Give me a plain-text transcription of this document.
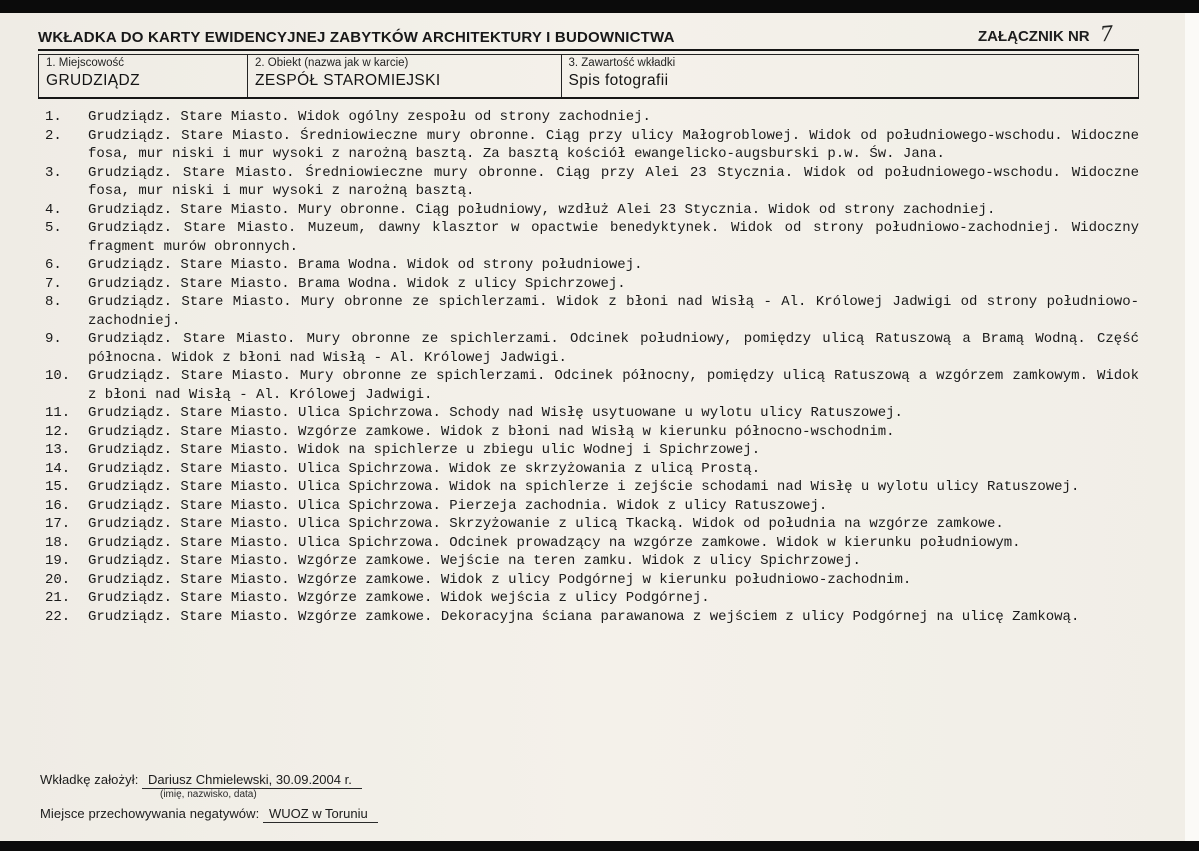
WKŁADKA DO KARTY EWIDENCYJNEJ ZABYTKÓW ARCHITEKTURY I BUDOWNICTWA	ZAŁĄCZNIK NR 7
1. Miejscowość
GRUDZIĄDZ

2. Obiekt (nazwa jak w karcie)
ZESPÓŁ STAROMIEJSKI

3. Zawartość wkładki
Spis fotografii
1.	Grudziądz. Stare Miasto. Widok ogólny zespołu od strony zachodniej.
2.	Grudziądz. Stare Miasto. Średniowieczne mury obronne. Ciąg przy ulicy Małogroblowej. Widok od południowego-wschodu. Widoczne fosa, mur niski i mur wysoki z narożną basztą. Za basztą kościół ewangelicko-augsburski p.w. Św. Jana.
3.	Grudziądz. Stare Miasto. Średniowieczne mury obronne. Ciąg przy Alei 23 Stycznia. Widok od południowego-wschodu. Widoczne fosa, mur niski i mur wysoki z narożną basztą.
4.	Grudziądz. Stare Miasto. Mury obronne. Ciąg południowy, wzdłuż Alei 23 Stycznia. Widok od strony zachodniej.
5.	Grudziądz. Stare Miasto. Muzeum, dawny klasztor w opactwie benedyktynek. Widok od strony południowo-zachodniej. Widoczny fragment murów obronnych.
6.	Grudziądz. Stare Miasto. Brama Wodna. Widok od strony południowej.
7.	Grudziądz. Stare Miasto. Brama Wodna. Widok z ulicy Spichrzowej.
8.	Grudziądz. Stare Miasto. Mury obronne ze spichlerzami. Widok z błoni nad Wisłą - Al. Królowej Jadwigi od strony południowo-zachodniej.
9.	Grudziądz. Stare Miasto. Mury obronne ze spichlerzami. Odcinek południowy, pomiędzy ulicą Ratuszową a Bramą Wodną. Część północna. Widok z błoni nad Wisłą - Al. Królowej Jadwigi.
10.	Grudziądz. Stare Miasto. Mury obronne ze spichlerzami. Odcinek północny, pomiędzy ulicą Ratuszową a wzgórzem zamkowym. Widok z błoni nad Wisłą - Al. Królowej Jadwigi.
11.	Grudziądz. Stare Miasto. Ulica Spichrzowa. Schody nad Wisłę usytuowane u wylotu ulicy Ratuszowej.
12.	Grudziądz. Stare Miasto. Wzgórze zamkowe. Widok z błoni nad Wisłą w kierunku północno-wschodnim.
13.	Grudziądz. Stare Miasto. Widok na spichlerze u zbiegu ulic Wodnej i Spichrzowej.
14.	Grudziądz. Stare Miasto. Ulica Spichrzowa. Widok ze skrzyżowania z ulicą Prostą.
15.	Grudziądz. Stare Miasto. Ulica Spichrzowa. Widok na spichlerze i zejście schodami nad Wisłę u wylotu ulicy Ratuszowej.
16.	Grudziądz. Stare Miasto. Ulica Spichrzowa. Pierzeja zachodnia. Widok z ulicy Ratuszowej.
17.	Grudziądz. Stare Miasto. Ulica Spichrzowa. Skrzyżowanie z ulicą Tkacką. Widok od południa na wzgórze zamkowe.
18.	Grudziądz. Stare Miasto. Ulica Spichrzowa. Odcinek prowadzący na wzgórze zamkowe. Widok w kierunku południowym.
19.	Grudziądz. Stare Miasto. Wzgórze zamkowe. Wejście na teren zamku. Widok z ulicy Spichrzowej.
20.	Grudziądz. Stare Miasto. Wzgórze zamkowe. Widok z ulicy Podgórnej w kierunku południowo-zachodnim.
21.	Grudziądz. Stare Miasto. Wzgórze zamkowe. Widok wejścia z ulicy Podgórnej.
22.	Grudziądz. Stare Miasto. Wzgórze zamkowe. Dekoracyjna ściana parawanowa z wejściem z ulicy Podgórnej na ulicę Zamkową.
Wkładkę założył: Dariusz Chmielewski, 30.09.2004 r.
(imię, nazwisko, data)
Miejsce przechowywania negatywów: WUOZ w Toruniu
